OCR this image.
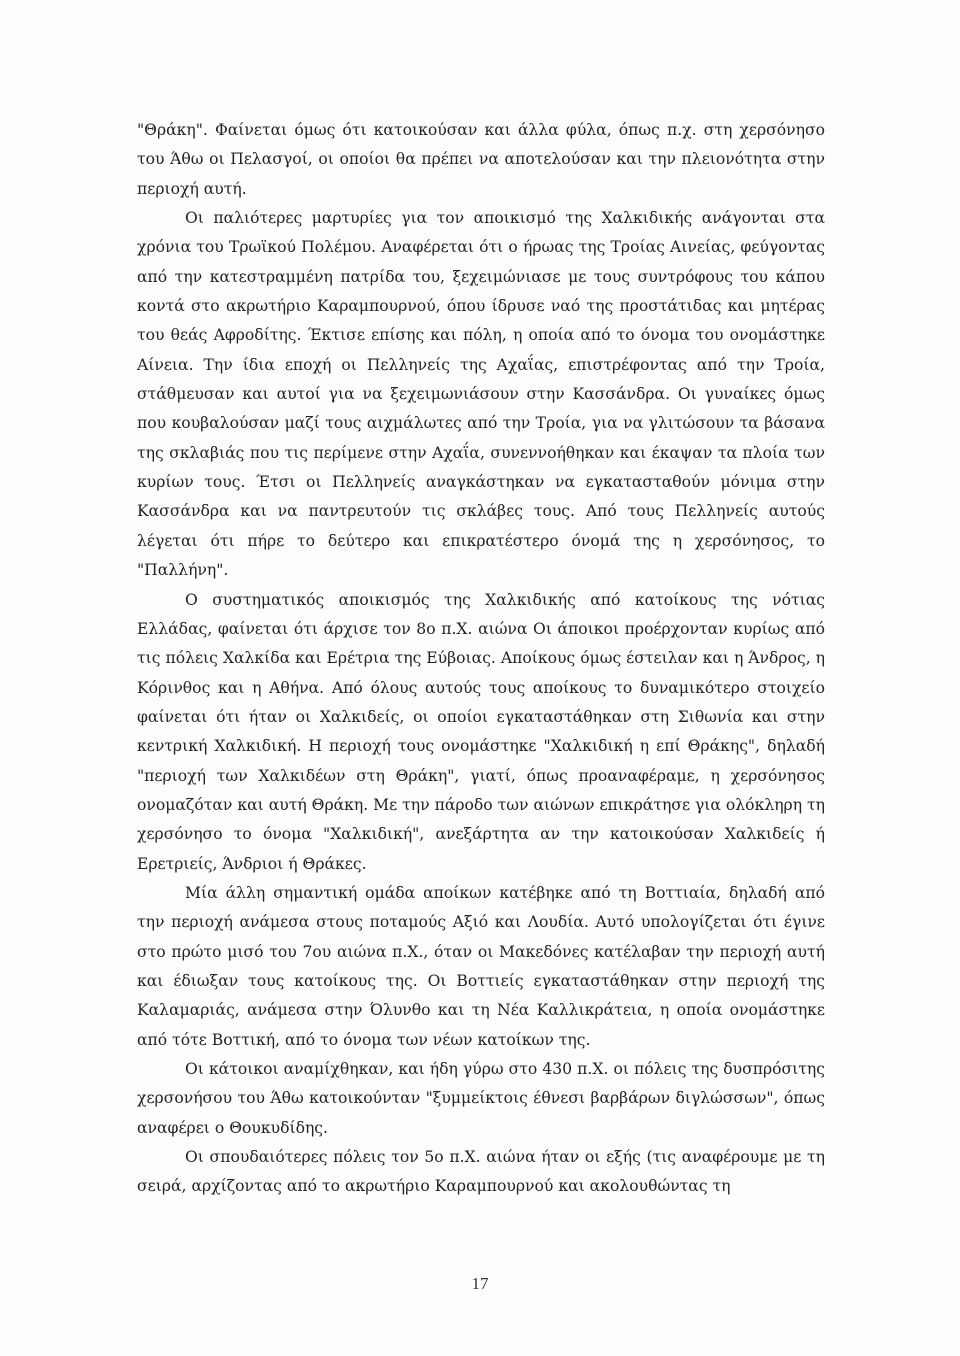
"Θράκη". Φαίνεται όμως ότι κατοικούσαν και άλλα φύλα, όπως π.χ. στη χερσόνησο του Άθω οι Πελασγοί, οι οποίοι θα πρέπει να αποτελούσαν και την πλειονότητα στην περιοχή αυτή.

Οι παλιότερες μαρτυρίες για τον αποικισμό της Χαλκιδικής ανάγονται στα χρόνια του Τρωϊκού Πολέμου. Αναφέρεται ότι ο ήρωας της Τροίας Αινείας, φεύγοντας από την κατεστραμμένη πατρίδα του, ξεχειμώνιασε με τους συντρόφους του κάπου κοντά στο ακρωτήριο Καραμπουρνού, όπου ίδρυσε ναό της προστάτιδας και μητέρας του θεάς Αφροδίτης. Έκτισε επίσης και πόλη, η οποία από το όνομα του ονομάστηκε Αίνεια. Την ίδια εποχή οι Πελληνείς της Αχαΐας, επιστρέφοντας από την Τροία, στάθμευσαν και αυτοί για να ξεχειμωνιάσουν στην Κασσάνδρα. Οι γυναίκες όμως που κουβαλούσαν μαζί τους αιχμάλωτες από την Τροία, για να γλιτώσουν τα βάσανα της σκλαβιάς που τις περίμενε στην Αχαΐα, συνεννοήθηκαν και έκαψαν τα πλοία των κυρίων τους. Έτσι οι Πελληνείς αναγκάστηκαν να εγκατασταθούν μόνιμα στην Κασσάνδρα και να παντρευτούν τις σκλάβες τους. Από τους Πελληνείς αυτούς λέγεται ότι πήρε το δεύτερο και επικρατέστερο όνομά της η χερσόνησος, το "Παλλήνη".

Ο συστηματικός αποικισμός της Χαλκιδικής από κατοίκους της νότιας Ελλάδας, φαίνεται ότι άρχισε τον 8ο π.Χ. αιώνα Οι άποικοι προέρχονταν κυρίως από τις πόλεις Χαλκίδα και Ερέτρια της Εύβοιας. Αποίκους όμως έστειλαν και η Άνδρος, η Κόρινθος και η Αθήνα. Από όλους αυτούς τους αποίκους το δυναμικότερο στοιχείο φαίνεται ότι ήταν οι Χαλκιδείς, οι οποίοι εγκαταστάθηκαν στη Σιθωνία και στην κεντρική Χαλκιδική. Η περιοχή τους ονομάστηκε "Χαλκιδική η επί Θράκης", δηλαδή "περιοχή των Χαλκιδέων στη Θράκη", γιατί, όπως προαναφέραμε, η χερσόνησος ονομαζόταν και αυτή Θράκη. Με την πάροδο των αιώνων επικράτησε για ολόκληρη τη χερσόνησο το όνομα "Χαλκιδική", ανεξάρτητα αν την κατοικούσαν Χαλκιδείς ή Ερετριείς, Άνδριοι ή Θράκες.

Μία άλλη σημαντική ομάδα αποίκων κατέβηκε από τη Βοττιαία, δηλαδή από την περιοχή ανάμεσα στους ποταμούς Αξιό και Λουδία. Αυτό υπολογίζεται ότι έγινε στο πρώτο μισό του 7ου αιώνα π.Χ., όταν οι Μακεδόνες κατέλαβαν την περιοχή αυτή και έδιωξαν τους κατοίκους της. Οι Βοττιείς εγκαταστάθηκαν στην περιοχή της Καλαμαριάς, ανάμεσα στην Όλυνθο και τη Νέα Καλλικράτεια, η οποία ονομάστηκε από τότε Βοττική, από το όνομα των νέων κατοίκων της.

Οι κάτοικοι αναμίχθηκαν, και ήδη γύρω στο 430 π.Χ. οι πόλεις της δυσπρόσιτης χερσονήσου του Άθω κατοικούνταν "ξυμμείκτοις έθνεσι βαρβάρων διγλώσσων", όπως αναφέρει ο Θουκυδίδης.

Οι σπουδαιότερες πόλεις τον 5ο π.Χ. αιώνα ήταν οι εξής (τις αναφέρουμε με τη σειρά, αρχίζοντας από το ακρωτήριο Καραμπουρνού και ακολουθώντας τη

17
